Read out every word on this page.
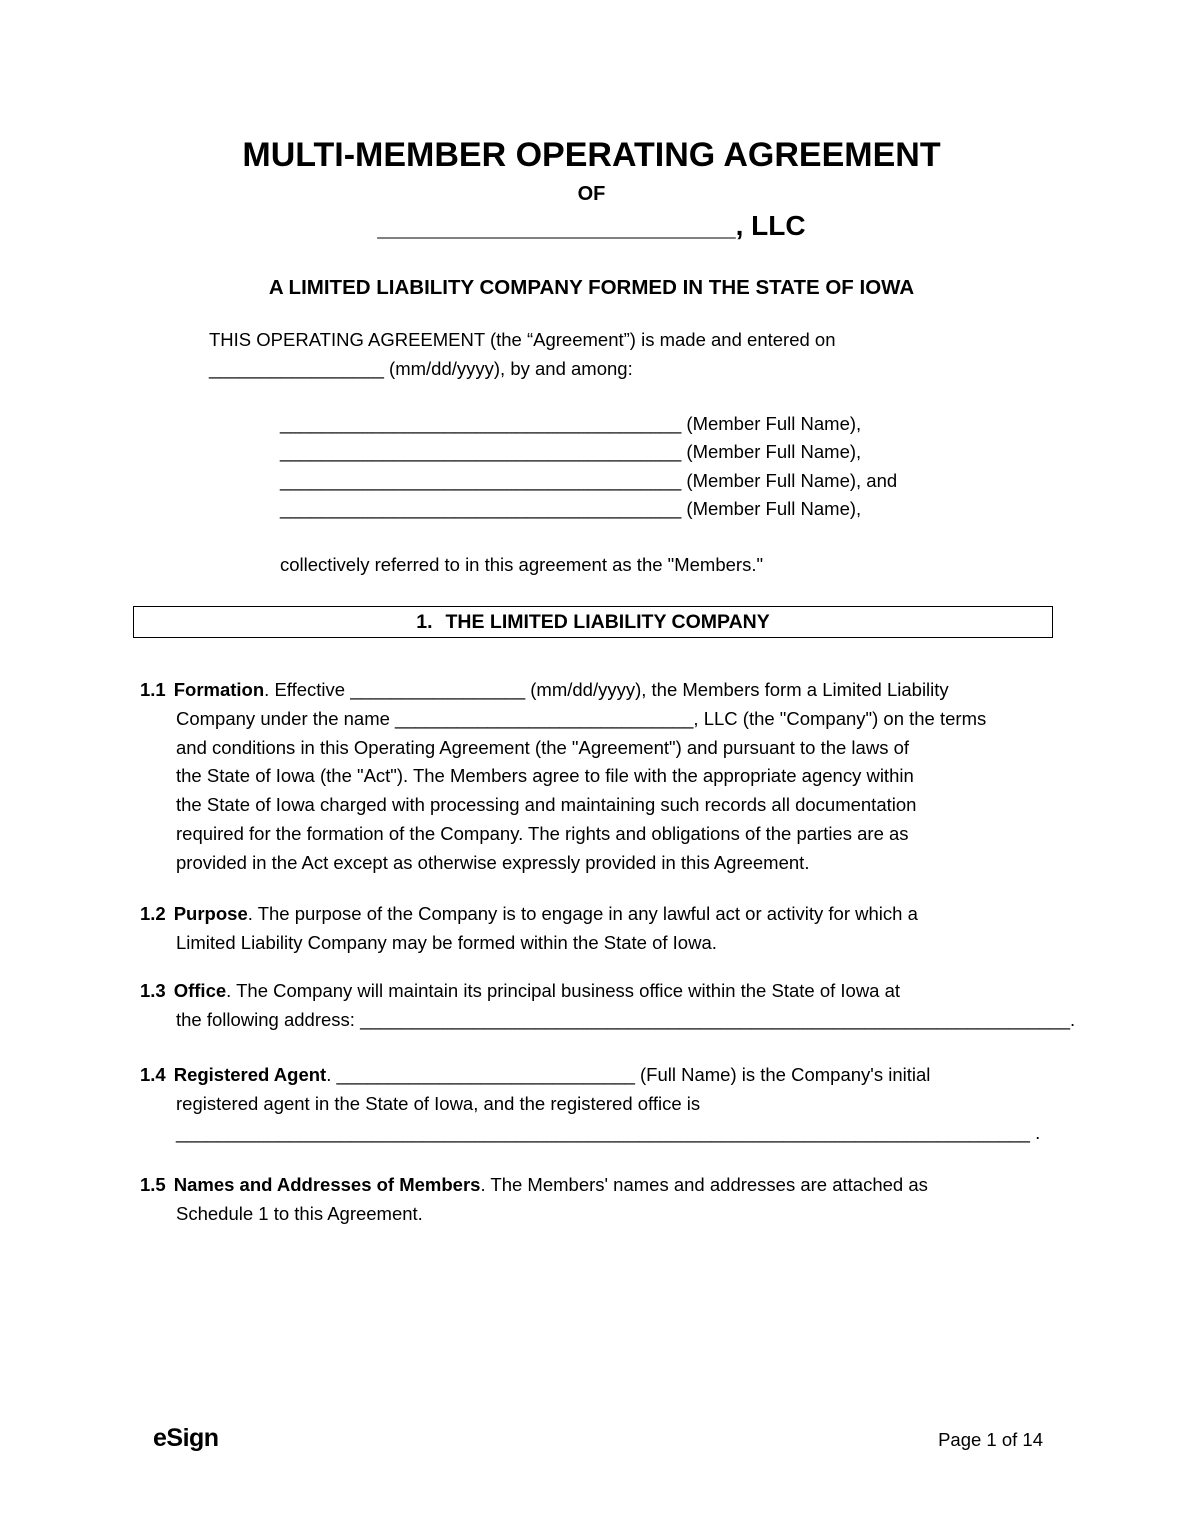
MULTI-MEMBER OPERATING AGREEMENT
OF
_______________________, LLC
A LIMITED LIABILITY COMPANY FORMED IN THE STATE OF IOWA

THIS OPERATING AGREEMENT (the “Agreement”) is made and entered on
_________________ (mm/dd/yyyy), by and among:

_______________________________________ (Member Full Name),

_______________________________________ (Member Full Name),

_______________________________________ (Member Full Name), and

_______________________________________ (Member Full Name),

collectively referred to in this agreement as the "Members."

1. THE LIMITED LIABILITY COMPANY

1.1 Formation. Effective _________________ (mm/dd/yyyy), the Members form a Limited Liability
Company under the name _____________________________, LLC (the "Company") on the terms
and conditions in this Operating Agreement (the "Agreement") and pursuant to the laws of
the State of Iowa (the "Act"). The Members agree to file with the appropriate agency within
the State of Iowa charged with processing and maintaining such records all documentation
required for the formation of the Company. The rights and obligations of the parties are as
provided in the Act except as otherwise expressly provided in this Agreement.

1.2 Purpose. The purpose of the Company is to engage in any lawful act or activity for which a
Limited Liability Company may be formed within the State of Iowa.

1.3 Office. The Company will maintain its principal business office within the State of Iowa at
the following address: _____________________________________________________________________.

1.4 Registered Agent. _____________________________ (Full Name) is the Company's initial
registered agent in the State of Iowa, and the registered office is
___________________________________________________________________________________ .

1.5 Names and Addresses of Members. The Members' names and addresses are attached as
Schedule 1 to this Agreement.

eSign	Page 1 of 14
